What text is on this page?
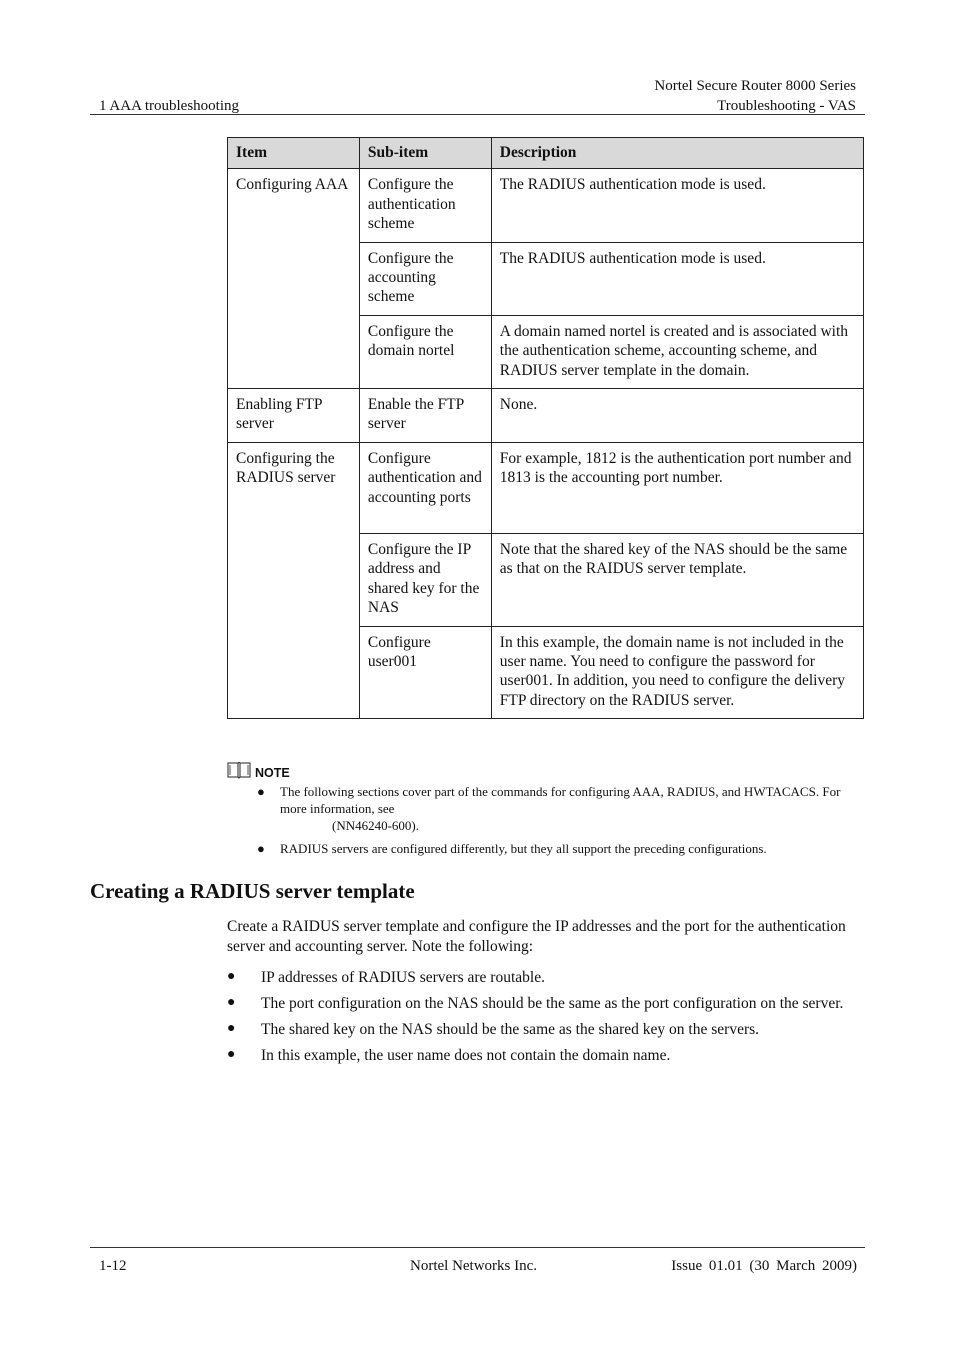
Nortel Secure Router 8000 Series
Troubleshooting - VAS
1 AAA troubleshooting
Item	Sub-item	Description
Configuring AAA	Configure the authentication scheme	The RADIUS authentication mode is used.
	Configure the accounting scheme	The RADIUS authentication mode is used.
	Configure the domain nortel	A domain named nortel is created and is associated with the authentication scheme, accounting scheme, and RADIUS server template in the domain.
Enabling FTP server	Enable the FTP server	None.
Configuring the RADIUS server	Configure authentication and accounting ports	For example, 1812 is the authentication port number and 1813 is the accounting port number.
	Configure the IP address and shared key for the NAS	Note that the shared key of the NAS should be the same as that on the RAIDUS server template.
	Configure user001	In this example, the domain name is not included in the user name. You need to configure the password for user001. In addition, you need to configure the delivery FTP directory on the RADIUS server.
NOTE
● The following sections cover part of the commands for configuring AAA, RADIUS, and HWTACACS. For more information, see
(NN46240-600).
● RADIUS servers are configured differently, but they all support the preceding configurations.
Creating a RADIUS server template

Create a RAIDUS server template and configure the IP addresses and the port for the authentication server and accounting server. Note the following:

● IP addresses of RADIUS servers are routable.
● The port configuration on the NAS should be the same as the port configuration on the server.
● The shared key on the NAS should be the same as the shared key on the servers.
● In this example, the user name does not contain the domain name.
1-12	Nortel Networks Inc.	Issue 01.01 (30 March 2009)
